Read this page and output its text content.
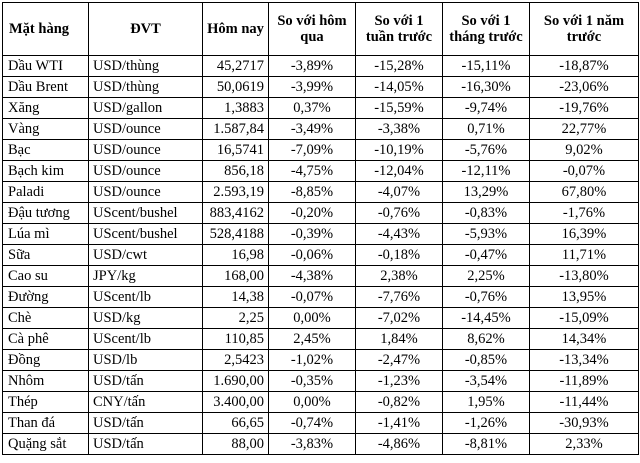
Mặt hàng	ĐVT	Hôm nay	So với hôm qua	So với 1 tuần trước	So với 1 tháng trước	So với 1 năm trước
Dầu WTI	USD/thùng	45,2717	-3,89%	-15,28%	-15,11%	-18,87%
Dầu Brent	USD/thùng	50,0619	-3,99%	-14,05%	-16,30%	-23,06%
Xăng	USD/gallon	1,3883	0,37%	-15,59%	-9,74%	-19,76%
Vàng	USD/ounce	1.587,84	-3,49%	-3,38%	0,71%	22,77%
Bạc	USD/ounce	16,5741	-7,09%	-10,19%	-5,76%	9,02%
Bạch kim	USD/ounce	856,18	-4,75%	-12,04%	-12,11%	-0,07%
Paladi	USD/ounce	2.593,19	-8,85%	-4,07%	13,29%	67,80%
Đậu tương	UScent/bushel	883,4162	-0,20%	-0,76%	-0,83%	-1,76%
Lúa mì	UScent/bushel	528,4188	-0,39%	-4,43%	-5,93%	16,39%
Sữa	USD/cwt	16,98	-0,06%	-0,18%	-0,47%	11,71%
Cao su	JPY/kg	168,00	-4,38%	2,38%	2,25%	-13,80%
Đường	UScent/lb	14,38	-0,07%	-7,76%	-0,76%	13,95%
Chè	USD/kg	2,25	0,00%	-7,02%	-14,45%	-15,09%
Cà phê	UScent/lb	110,85	2,45%	1,84%	8,62%	14,34%
Đồng	USD/lb	2,5423	-1,02%	-2,47%	-0,85%	-13,34%
Nhôm	USD/tấn	1.690,00	-0,35%	-1,23%	-3,54%	-11,89%
Thép	CNY/tấn	3.400,00	0,00%	-0,82%	1,95%	-11,44%
Than đá	USD/tấn	66,65	-0,74%	-1,41%	-1,26%	-30,93%
Quặng sắt	USD/tấn	88,00	-3,83%	-4,86%	-8,81%	2,33%
